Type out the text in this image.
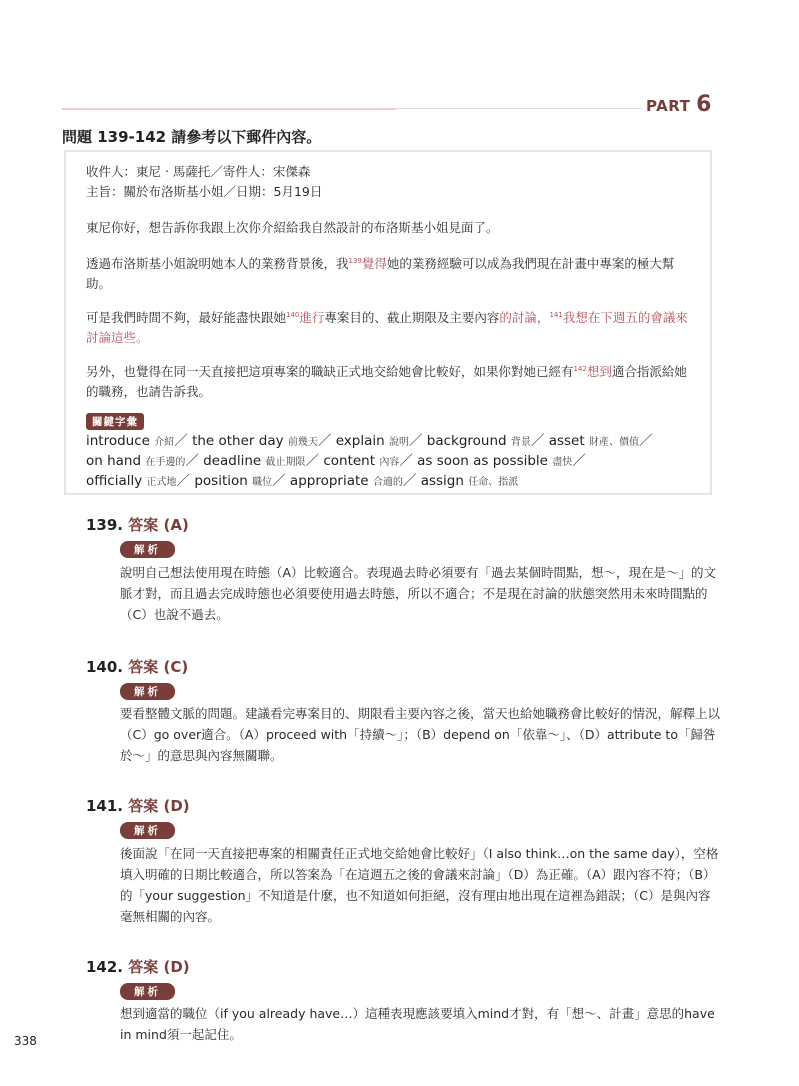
PART 6
問題 139-142 請參考以下郵件內容。

收件人：東尼 ‧ 馬薩托／寄件人：宋傑森

主旨：關於布洛斯基小姐／日期：5月19日

東尼你好，想告訴你我跟上次你介紹給我自然設計的布洛斯基小姐見面了。

透過布洛斯基小姐說明她本人的業務背景後，我$^{139}$覺得她的業務經驗可以成為我們現在計畫中專案的極大幫助。

可是我們時間不夠，最好能盡快跟她$^{140}$進行專案目的、截止期限及主要內容的討論，$^{141}$我想在下週五的會議來討論這些。

另外，也覺得在同一天直接把這項專案的職缺正式地交給她會比較好，如果你對她已經有$^{142}$想到適合指派給她的職務，也請告訴我。

關鍵字彙
introduce 介紹／ the other day 前幾天／ explain 說明／ background 背景／ asset 財產、價值／
on hand 在手邊的／ deadline 截止期限／ content 內容／ as soon as possible 盡快／
officially 正式地／ position 職位／ appropriate 合適的／ assign 任命、指派
139. 答案 (A)
解析

說明自己想法使用現在時態（A）比較適合。表現過去時必須要有「過去某個時間點，想～，現在是～」的文脈才對，而且過去完成時態也必須要使用過去時態，所以不適合；不是現在討論的狀態突然用未來時間點的（C）也說不過去。

140. 答案 (C)
解析

要看整體文脈的問題。建議看完專案目的、期限看主要內容之後，當天也給她職務會比較好的情況，解釋上以（C）go over適合。（A）proceed with「持續～」；（B）depend on「依靠～」、（D）attribute to「歸咎於～」的意思與內容無關聯。

141. 答案 (D)
解析

後面說「在同一天直接把專案的相關責任正式地交給她會比較好」（I also think…on the same day），空格填入明確的日期比較適合，所以答案為「在這週五之後的會議來討論」（D）為正確。（A）跟內容不符；（B）的「your suggestion」不知道是什麼，也不知道如何拒絕，沒有理由地出現在這裡為錯誤；（C）是與內容毫無相關的內容。

142. 答案 (D)
解析

想到適當的職位（if you already have…）這種表現應該要填入mind才對，有「想～、計畫」意思的have in mind須一起記住。

338
